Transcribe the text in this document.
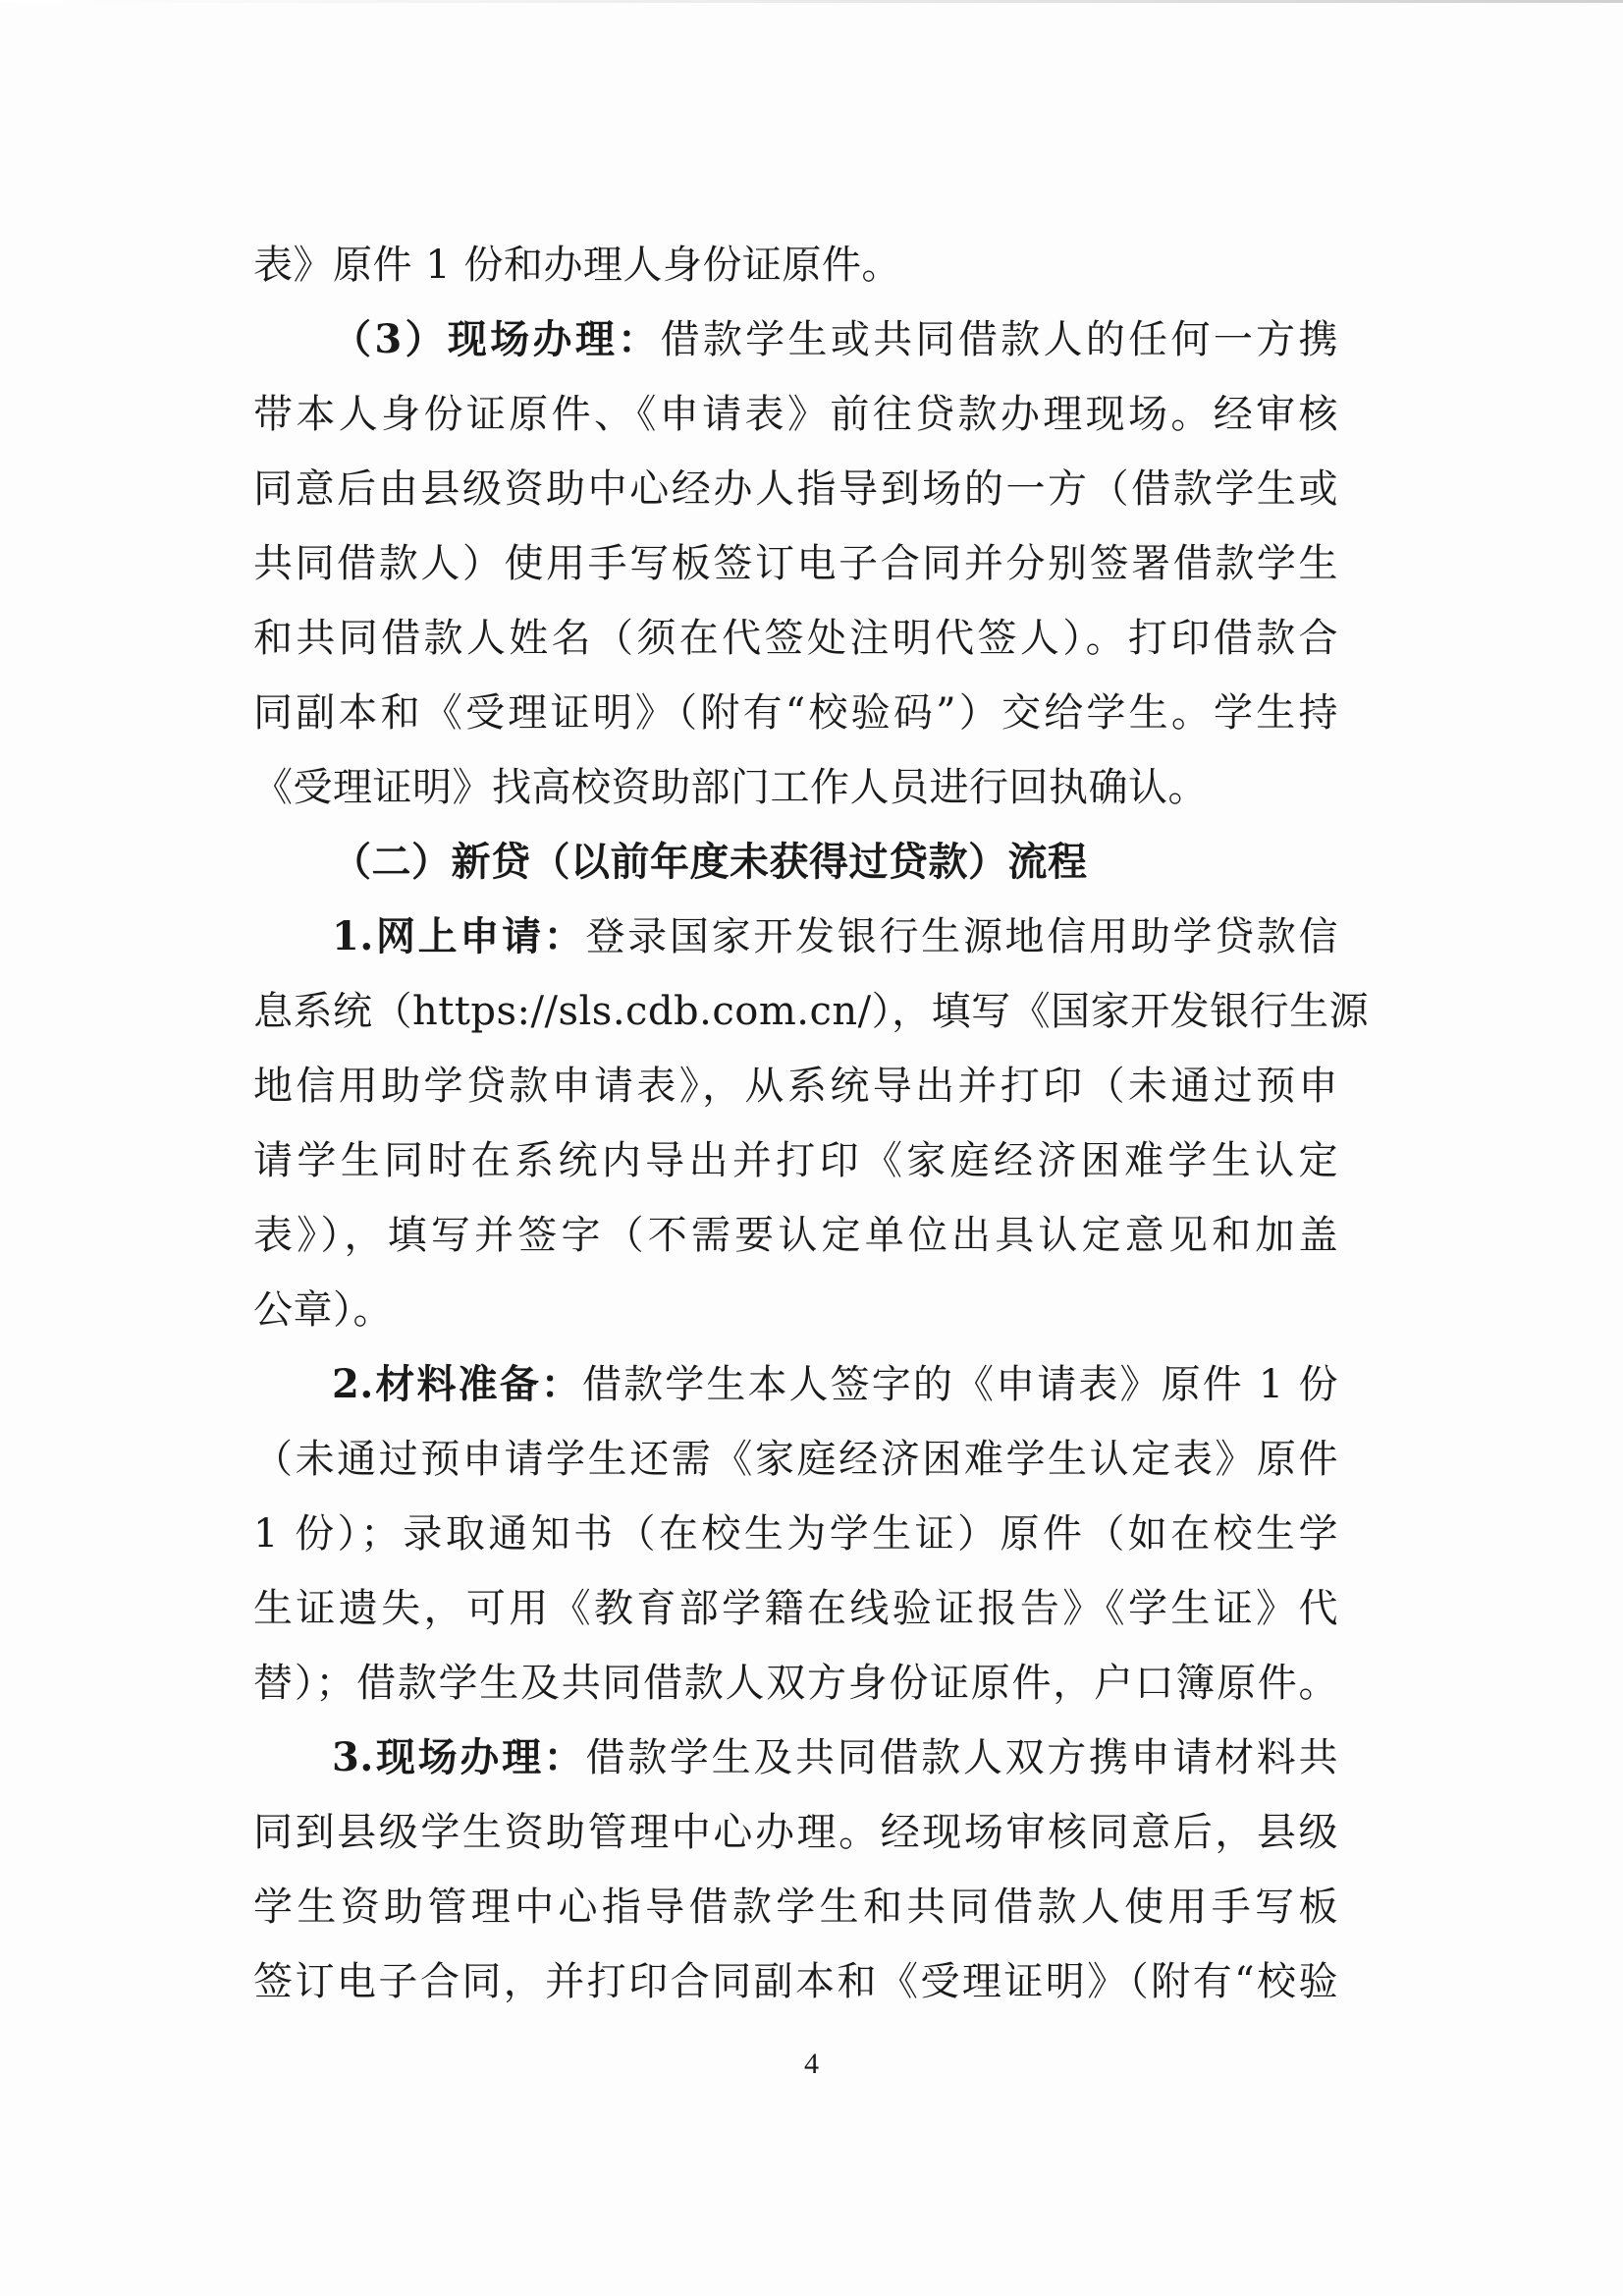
表》原件 1 份和办理人身份证原件。
（3）现场办理：借款学生或共同借款人的任何一方携
带本人身份证原件、《申请表》前往贷款办理现场。经审核
同意后由县级资助中心经办人指导到场的一方（借款学生或
共同借款人）使用手写板签订电子合同并分别签署借款学生
和共同借款人姓名（须在代签处注明代签人）。打印借款合
同副本和《受理证明》（附有“校验码”）交给学生。学生持
《受理证明》找高校资助部门工作人员进行回执确认。
（二）新贷（以前年度未获得过贷款）流程
1.网上申请：登录国家开发银行生源地信用助学贷款信
息系统（https://sls.cdb.com.cn/），填写《国家开发银行生源
地信用助学贷款申请表》，从系统导出并打印（未通过预申
请学生同时在系统内导出并打印《家庭经济困难学生认定
表》），填写并签字（不需要认定单位出具认定意见和加盖
公章）。
2.材料准备：借款学生本人签字的《申请表》原件 1 份
（未通过预申请学生还需《家庭经济困难学生认定表》原件
1 份）；录取通知书（在校生为学生证）原件（如在校生学
生证遗失，可用《教育部学籍在线验证报告》《学生证》代
替）；借款学生及共同借款人双方身份证原件，户口簿原件。
3.现场办理：借款学生及共同借款人双方携申请材料共
同到县级学生资助管理中心办理。经现场审核同意后，县级
学生资助管理中心指导借款学生和共同借款人使用手写板
签订电子合同，并打印合同副本和《受理证明》（附有“校验
4
